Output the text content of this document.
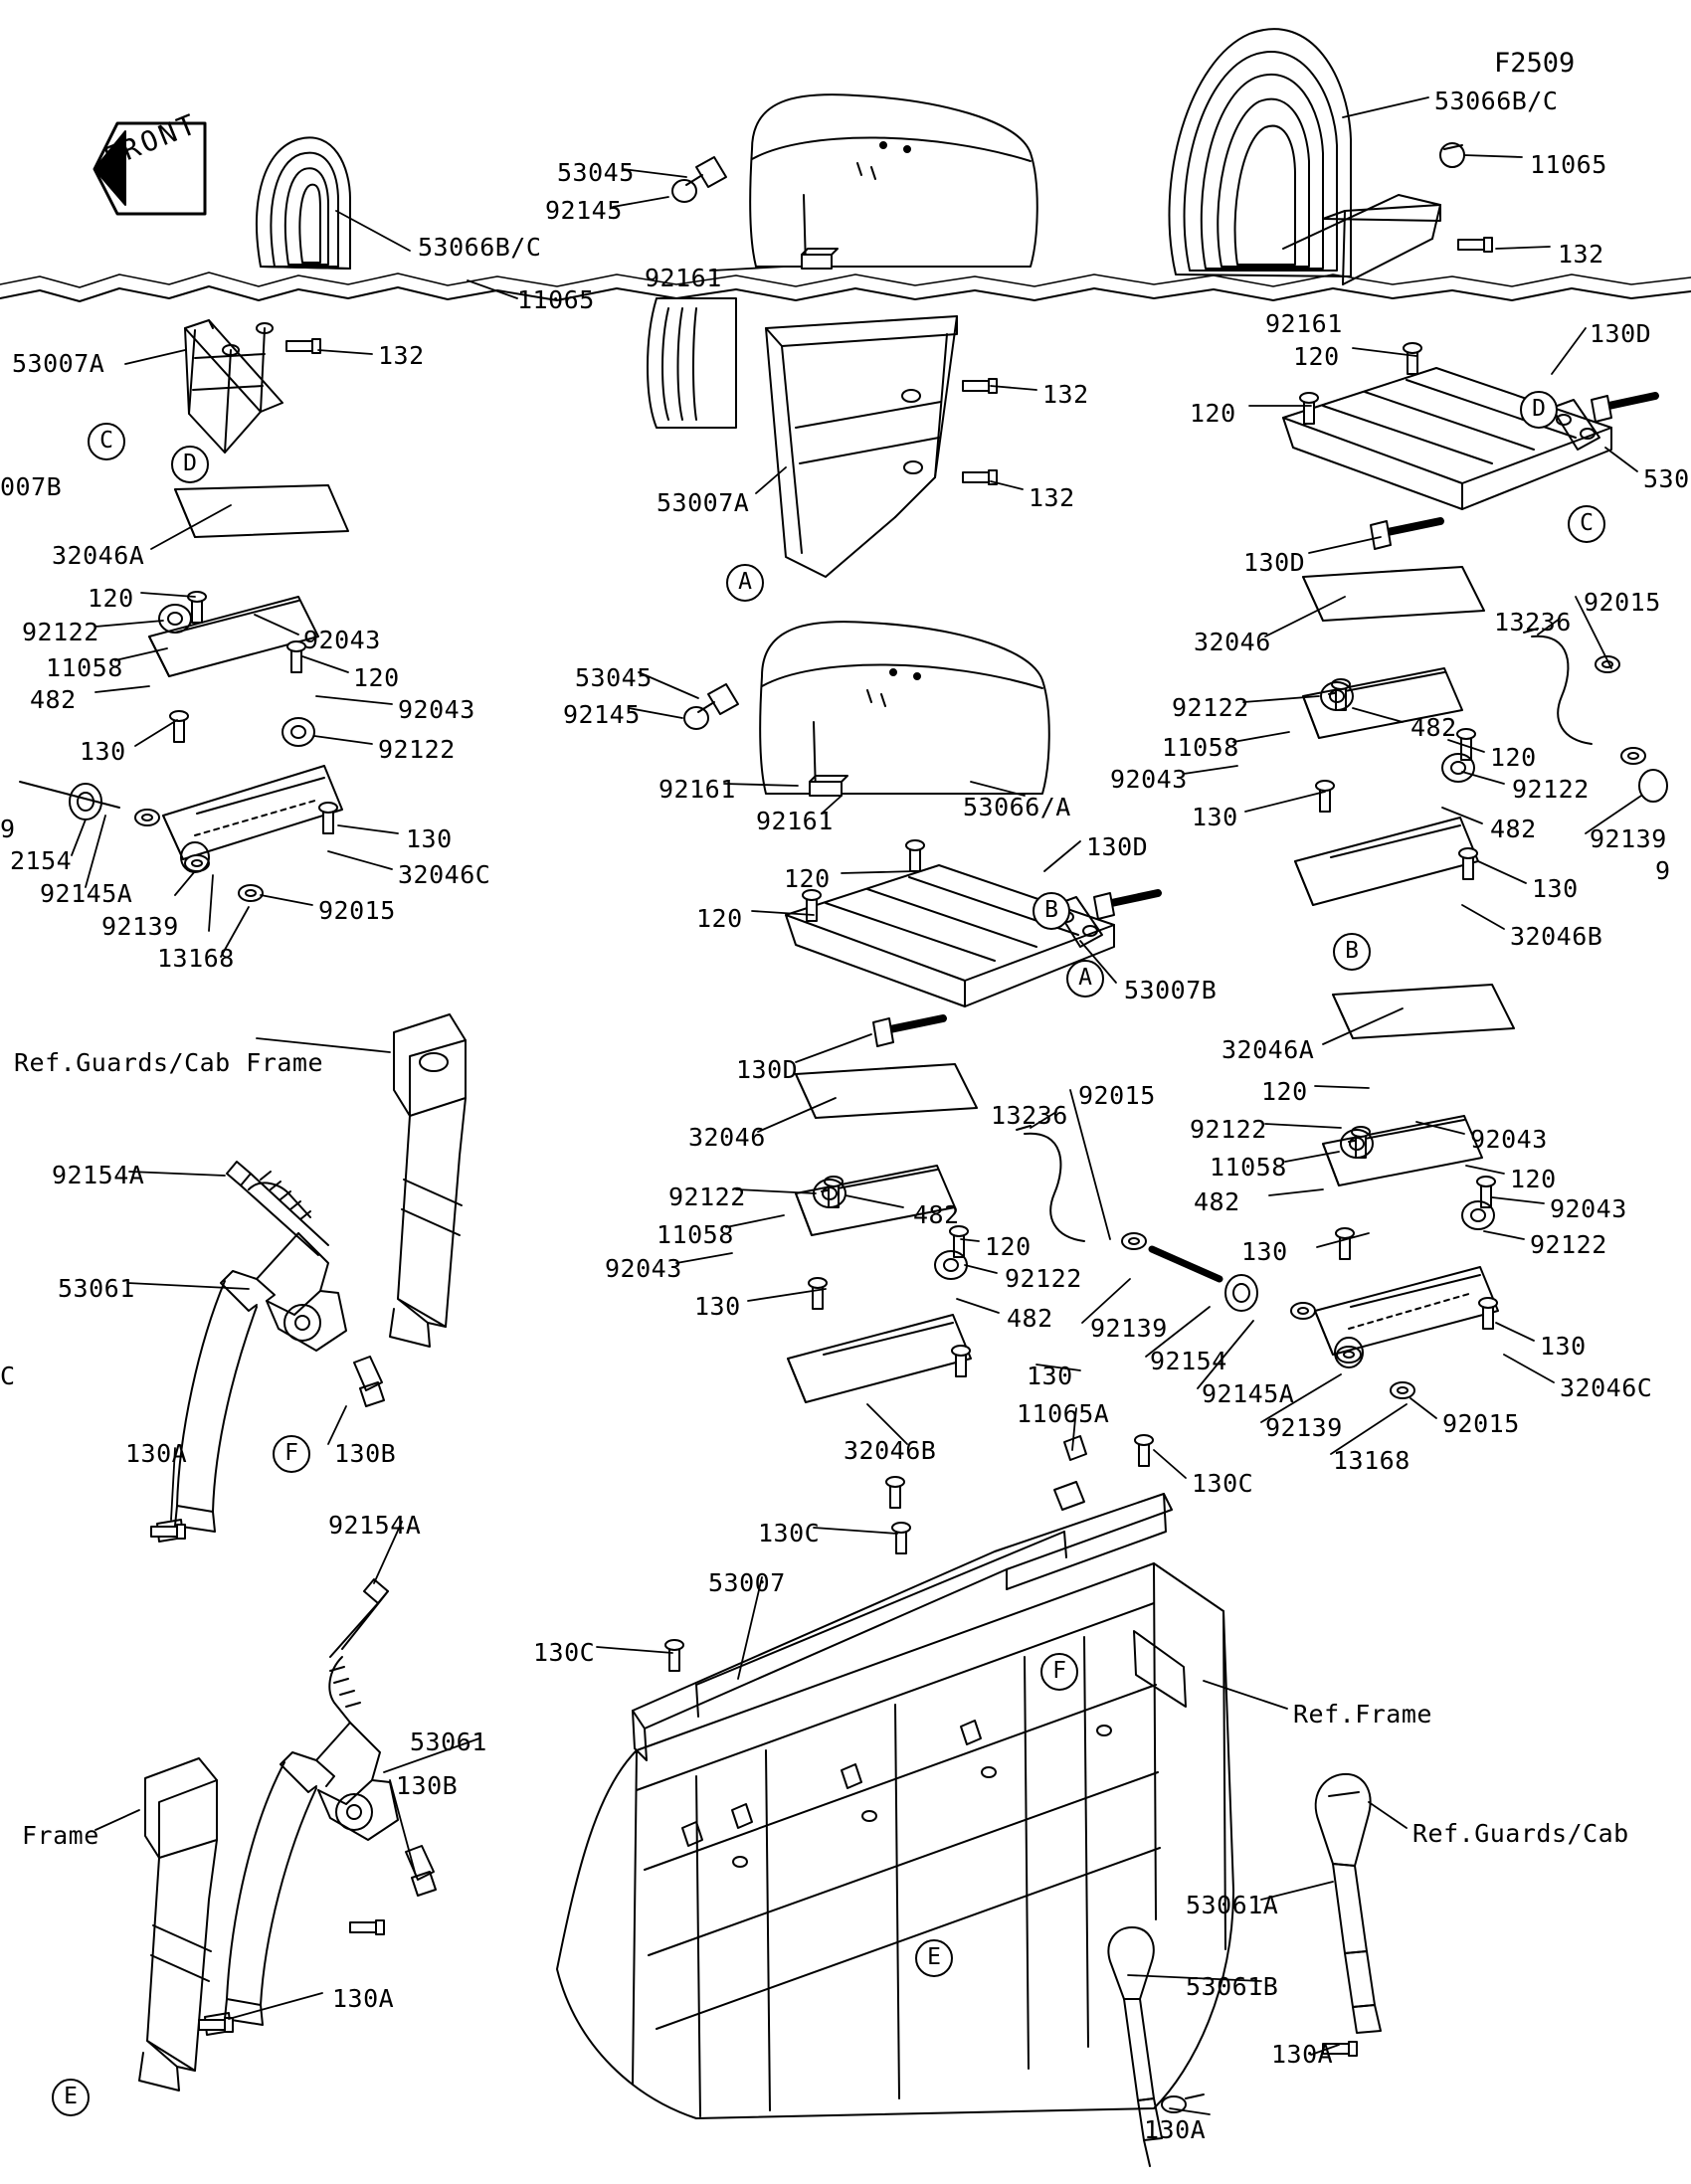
F2509
FRONT
Ref.Guards/Cab Frame
Ref.Frame
Ref.Guards/Cab
Frame
53066B/C
53045
92145
92161
53066B/C
11065
132
53007A	132
11065
92161	130D
120
120
132
53007A	132
530
130D
007B
32046A
120
92122	92043
11058	120
482	92043
130	92122
9
2154
92145A
92139
13168
130
32046C
92015
32046
13236
92015
92122
482
11058	120
92043	92122
130	482 92139
9
130
32046B
53045
92145
92161
92161	53066/A
130D
120
120
53007B
130D
32046A
120
92122	92043
11058	120
482	92043
130	92122
32046
13236
92015
92122
482
11058	120
92043	92122
130	482 92139
92154
130
11065A
92145A
92139
130
32046C
92015
13168
32046B
92154A
53061
C
130A	130B
92154A
53061
130B
130A
130C
130C
53007
130C
53061A
53061B
130A
130A
C
D
A
D
C
B
A
B
F
E
F
E
